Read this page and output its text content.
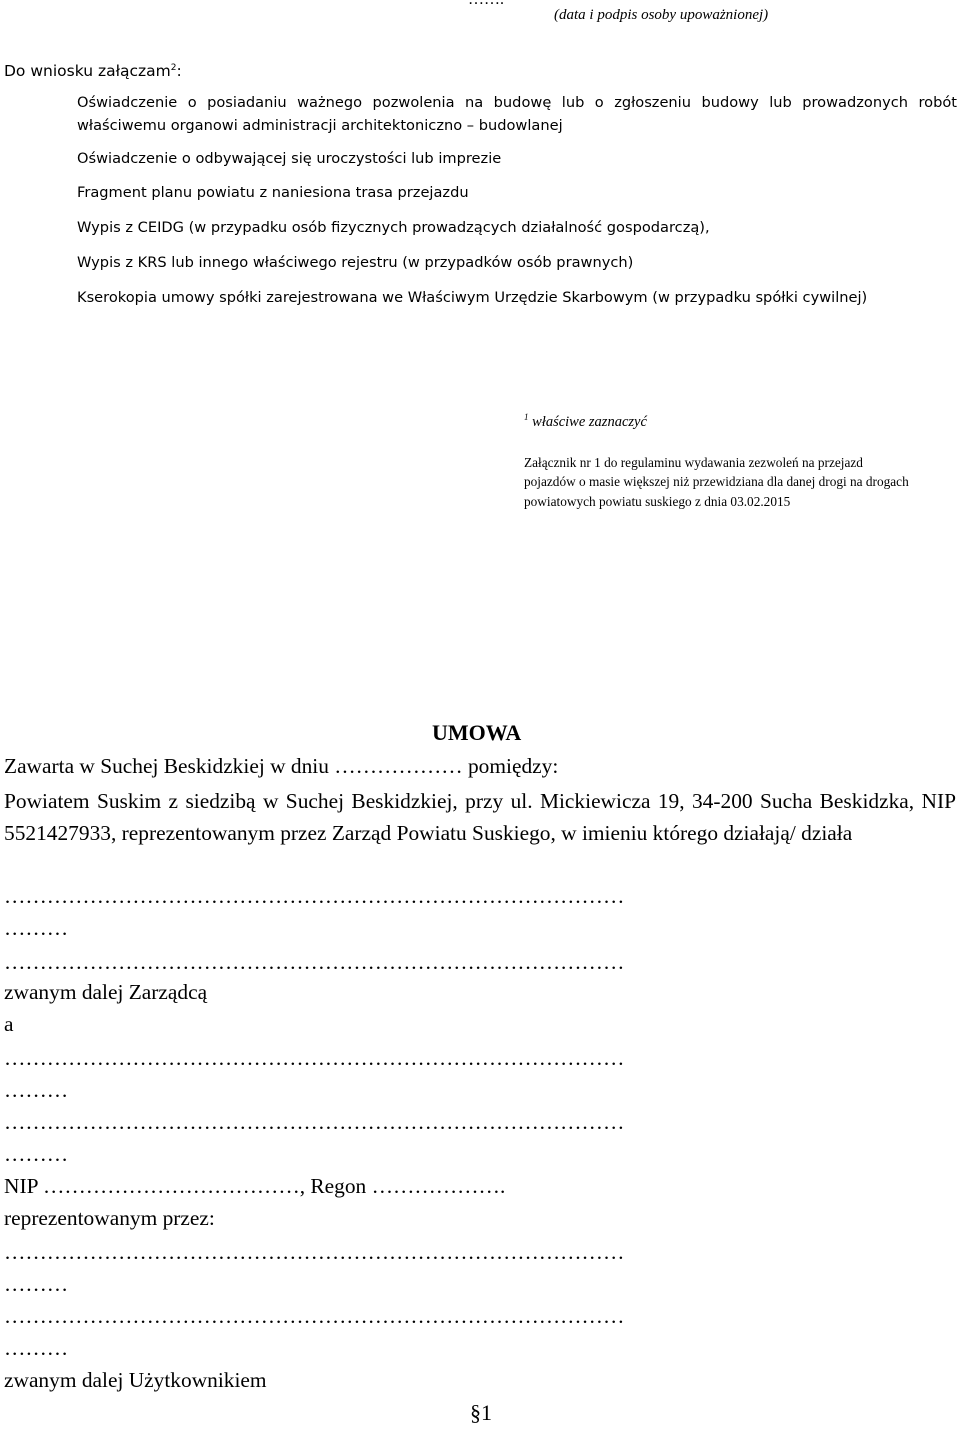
(data i podpis osoby upoważnionej)
Do wniosku załączam$^2$:
Oświadczenie o posiadaniu ważnego pozwolenia na budowę lub o zgłoszeniu budowy lub prowadzonych robót właściwemu organowi administracji architektoniczno – budowlanej
Oświadczenie o odbywającej się uroczystości lub imprezie
Fragment planu powiatu z naniesiona trasa przejazdu
Wypis z CEIDG (w przypadku osób fizycznych prowadzących działalność gospodarczą),
Wypis z KRS lub innego właściwego rejestru (w przypadków osób prawnych)
Kserokopia umowy spółki zarejestrowana we Właściwym Urzędzie Skarbowym (w przypadku spółki cywilnej)
$^1$ właściwe zaznaczyć
Załącznik nr 1 do regulaminu wydawania zezwoleń na przejazd pojazdów o masie większej niż przewidziana dla danej drogi na drogach powiatowych powiatu suskiego z dnia 03.02.2015
UMOWA
Zawarta w Suchej Beskidzkiej w dniu ……………… pomiędzy:
Powiatem Suskim z siedzibą w Suchej Beskidzkiej, przy ul. Mickiewicza 19, 34-200 Sucha Beskidzka, NIP 5521427933, reprezentowanym przez Zarząd Powiatu Suskiego, w imieniu którego działają/ działa
……………………………………………………………………………
………
……………………………………………………………………………
zwanym dalej Zarządcą
a
……………………………………………………………………………
………
……………………………………………………………………………
………
NIP ………………………………, Regon ……………….
reprezentowanym przez:
……………………………………………………………………………
………
……………………………………………………………………………
………
zwanym dalej Użytkownikiem
§1
